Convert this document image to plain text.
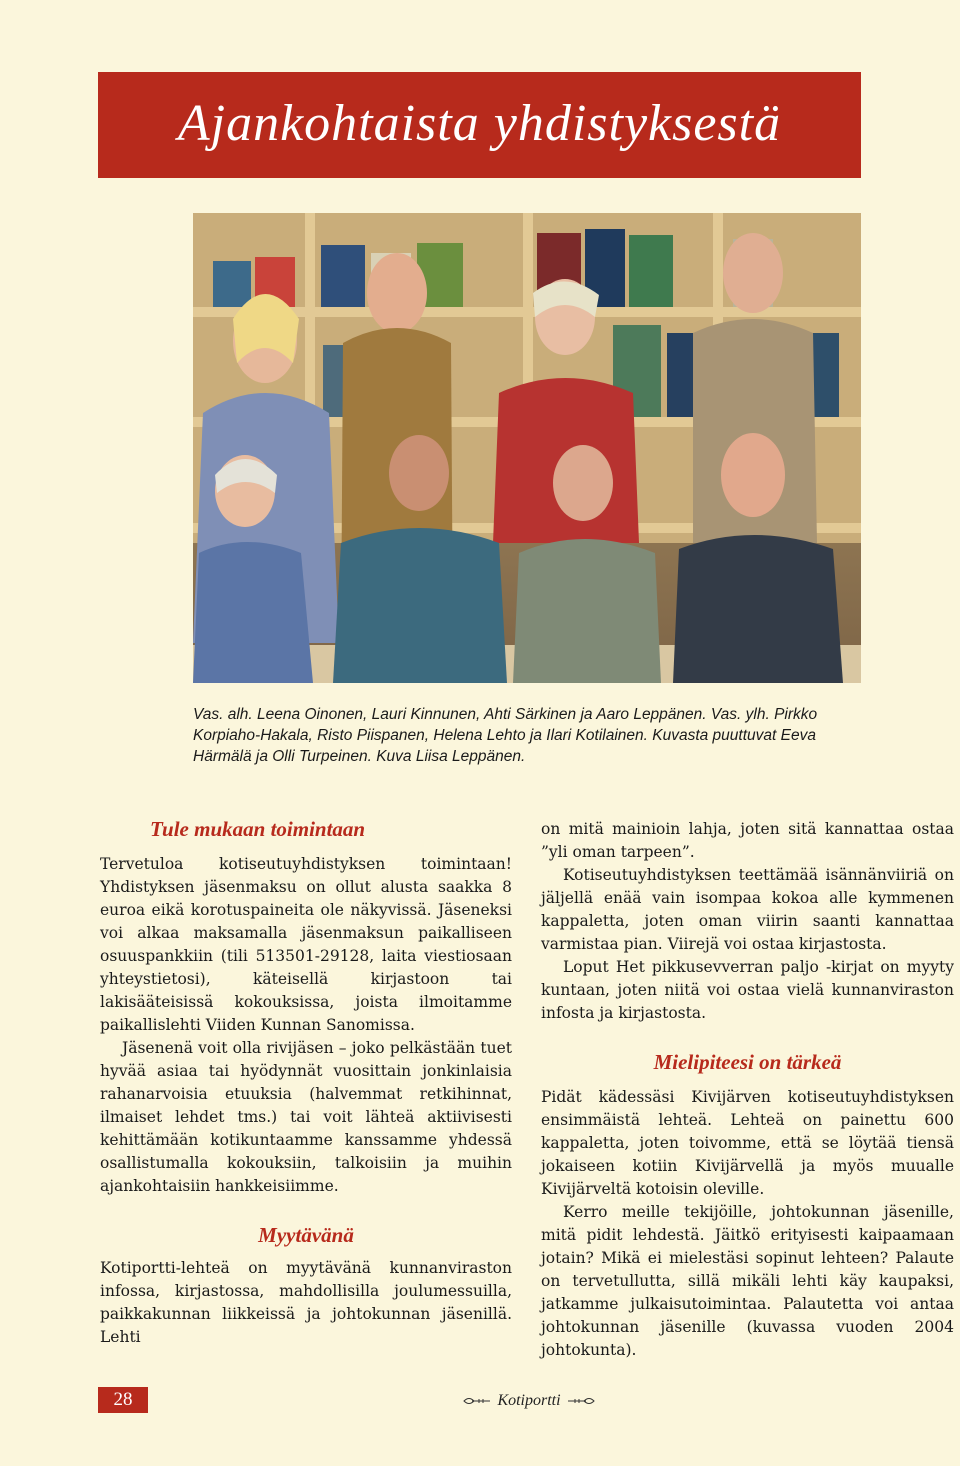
Ajankohtaista yhdistyksestä
Vas. alh. Leena Oinonen, Lauri Kinnunen, Ahti Särkinen ja Aaro Leppänen. Vas. ylh. Pirkko Korpiaho-Hakala, Risto Piispanen, Helena Lehto ja Ilari Kotilainen. Kuvasta puuttuvat Eeva Härmälä ja Olli Turpeinen. Kuva Liisa Leppänen.
Tule mukaan toimintaan

Tervetuloa kotiseutuyhdistyksen toimintaan! Yhdistyksen jäsenmaksu on ollut alusta saakka 8 euroa eikä korotuspaineita ole näkyvissä. Jäseneksi voi alkaa maksamalla jäsenmaksun paikalliseen osuuspankkiin (tili 513501-29128, laita viestiosaan yhteystietosi), käteisellä kirjastoon tai lakisääteisissä kokouksissa, joista ilmoitamme paikallislehti Viiden Kunnan Sanomissa.

Jäsenenä voit olla rivijäsen – joko pelkästään tuet hyvää asiaa tai hyödynnät vuosittain jonkinlaisia rahanarvoisia etuuksia (halvemmat retkihinnat, ilmaiset lehdet tms.) tai voit lähteä aktiivisesti kehittämään kotikuntaamme kanssamme yhdessä osallistumalla kokouksiin, talkoisiin ja muihin ajankohtaisiin hankkeisiimme.

Myytävänä

Kotiportti-lehteä on myytävänä kunnanviraston infossa, kirjastossa, mahdollisilla joulumessuilla, paikkakunnan liikkeissä ja johtokunnan jäsenillä. Lehti

on mitä mainioin lahja, joten sitä kannattaa ostaa ”yli oman tarpeen”.

Kotiseutuyhdistyksen teettämää isännänviiriä on jäljellä enää vain isompaa kokoa alle kymmenen kappaletta, joten oman viirin saanti kannattaa varmistaa pian. Viirejä voi ostaa kirjastosta.

Loput Het pikkusevverran paljo -kirjat on myyty kuntaan, joten niitä voi ostaa vielä kunnanviraston infosta ja kirjastosta.

Mielipiteesi on tärkeä

Pidät kädessäsi Kivijärven kotiseutuyhdistyksen ensimmäistä lehteä. Lehteä on painettu 600 kappaletta, joten toivomme, että se löytää tiensä jokaiseen kotiin Kivijärvellä ja myös muualle Kivijärveltä kotoisin oleville.

Kerro meille tekijöille, johtokunnan jäsenille, mitä pidit lehdestä. Jäitkö erityisesti kaipaamaan jotain? Mikä ei mielestäsi sopinut lehteen? Palaute on tervetullutta, sillä mikäli lehti käy kaupaksi, jatkamme julkaisutoimintaa. Palautetta voi antaa johtokunnan jäsenille (kuvassa vuoden 2004 johtokunta).

28	Kotiportti
